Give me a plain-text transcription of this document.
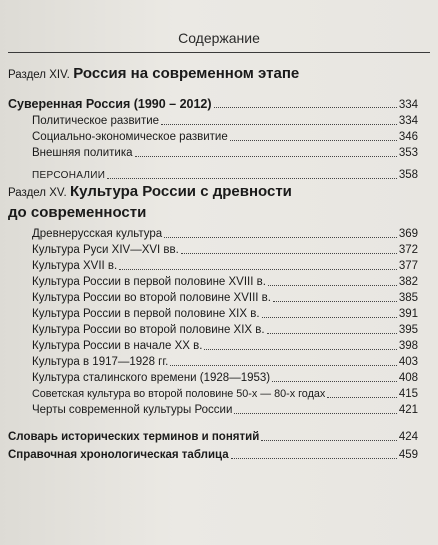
Содержание
Раздел XIV. Россия на современном этапе
Суверенная Россия (1990 – 2012)	334
Политическое развитие	334
Социально-экономическое развитие	346
Внешняя политика	353
ПЕРСОНАЛИИ	358
Раздел XV. Культура России с древности
до современности
Древнерусская культура	369
Культура Руси XIV—XVI вв.	372
Культура XVII в.	377
Культура России в первой половине XVIII в.	382
Культура России во второй половине XVIII в.	385
Культура России в первой половине XIX в.	391
Культура России во второй половине XIX в.	395
Культура России в начале XX в.	398
Культура в 1917—1928 гг.	403
Культура сталинского времени (1928—1953)	408
Советская культура во второй половине 50-х — 80-х годах	415
Черты современной культуры России	421
Словарь исторических терминов и понятий	424
Справочная хронологическая таблица	459
